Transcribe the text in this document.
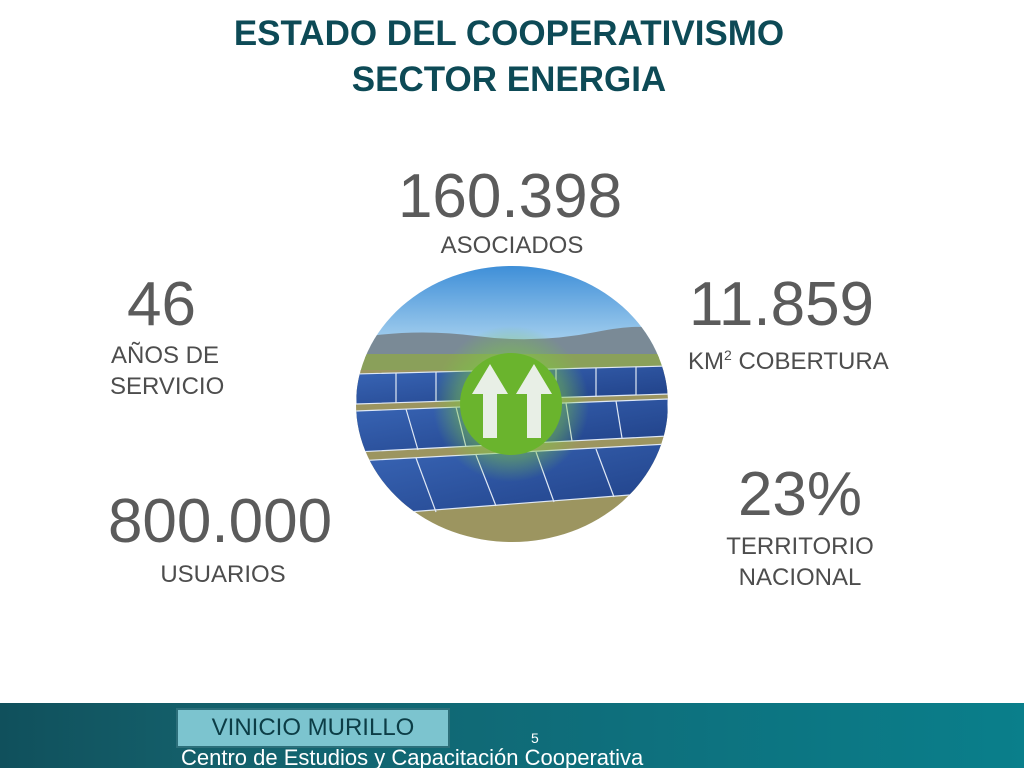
ESTADO DEL COOPERATIVISMO
SECTOR ENERGIA
160.398
ASOCIADOS
46
AÑOS DE
SERVICIO
11.859
$KM^2$ COBERTURA
800.000
USUARIOS
23%
TERRITORIO
NACIONAL
VINICIO MURILLO	5
Centro de Estudios y Capacitación Cooperativa
